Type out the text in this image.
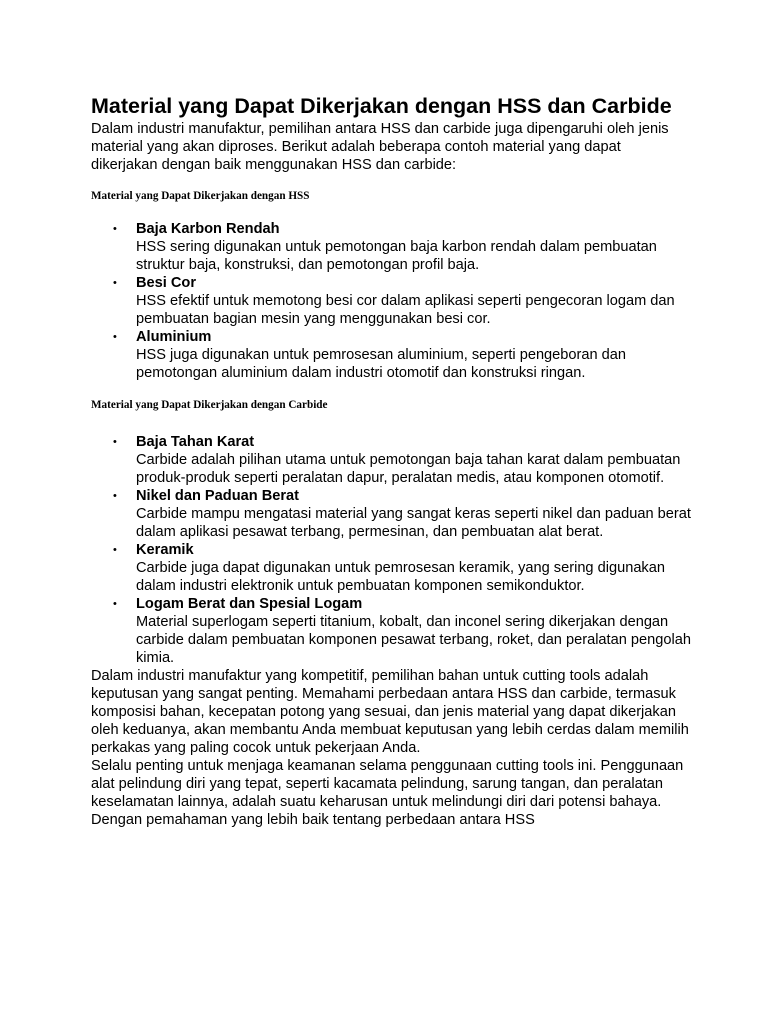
Material yang Dapat Dikerjakan dengan HSS dan Carbide

Dalam industri manufaktur, pemilihan antara HSS dan carbide juga dipengaruhi oleh jenis material yang akan diproses. Berikut adalah beberapa contoh material yang dapat dikerjakan dengan baik menggunakan HSS dan carbide:

Material yang Dapat Dikerjakan dengan HSS
• Baja Karbon Rendah
HSS sering digunakan untuk pemotongan baja karbon rendah dalam pembuatan struktur baja, konstruksi, dan pemotongan profil baja.
• Besi Cor
HSS efektif untuk memotong besi cor dalam aplikasi seperti pengecoran logam dan pembuatan bagian mesin yang menggunakan besi cor.
• Aluminium
HSS juga digunakan untuk pemrosesan aluminium, seperti pengeboran dan pemotongan aluminium dalam industri otomotif dan konstruksi ringan.
Material yang Dapat Dikerjakan dengan Carbide
• Baja Tahan Karat
Carbide adalah pilihan utama untuk pemotongan baja tahan karat dalam pembuatan produk-produk seperti peralatan dapur, peralatan medis, atau komponen otomotif.
• Nikel dan Paduan Berat
Carbide mampu mengatasi material yang sangat keras seperti nikel dan paduan berat dalam aplikasi pesawat terbang, permesinan, dan pembuatan alat berat.
• Keramik
Carbide juga dapat digunakan untuk pemrosesan keramik, yang sering digunakan dalam industri elektronik untuk pembuatan komponen semikonduktor.
• Logam Berat dan Spesial Logam
Material superlogam seperti titanium, kobalt, dan inconel sering dikerjakan dengan carbide dalam pembuatan komponen pesawat terbang, roket, dan peralatan pengolah kimia.

Dalam industri manufaktur yang kompetitif, pemilihan bahan untuk cutting tools adalah keputusan yang sangat penting. Memahami perbedaan antara HSS dan carbide, termasuk komposisi bahan, kecepatan potong yang sesuai, dan jenis material yang dapat dikerjakan oleh keduanya, akan membantu Anda membuat keputusan yang lebih cerdas dalam memilih perkakas yang paling cocok untuk pekerjaan Anda.

Selalu penting untuk menjaga keamanan selama penggunaan cutting tools ini. Penggunaan alat pelindung diri yang tepat, seperti kacamata pelindung, sarung tangan, dan peralatan keselamatan lainnya, adalah suatu keharusan untuk melindungi diri dari potensi bahaya. Dengan pemahaman yang lebih baik tentang perbedaan antara HSS
